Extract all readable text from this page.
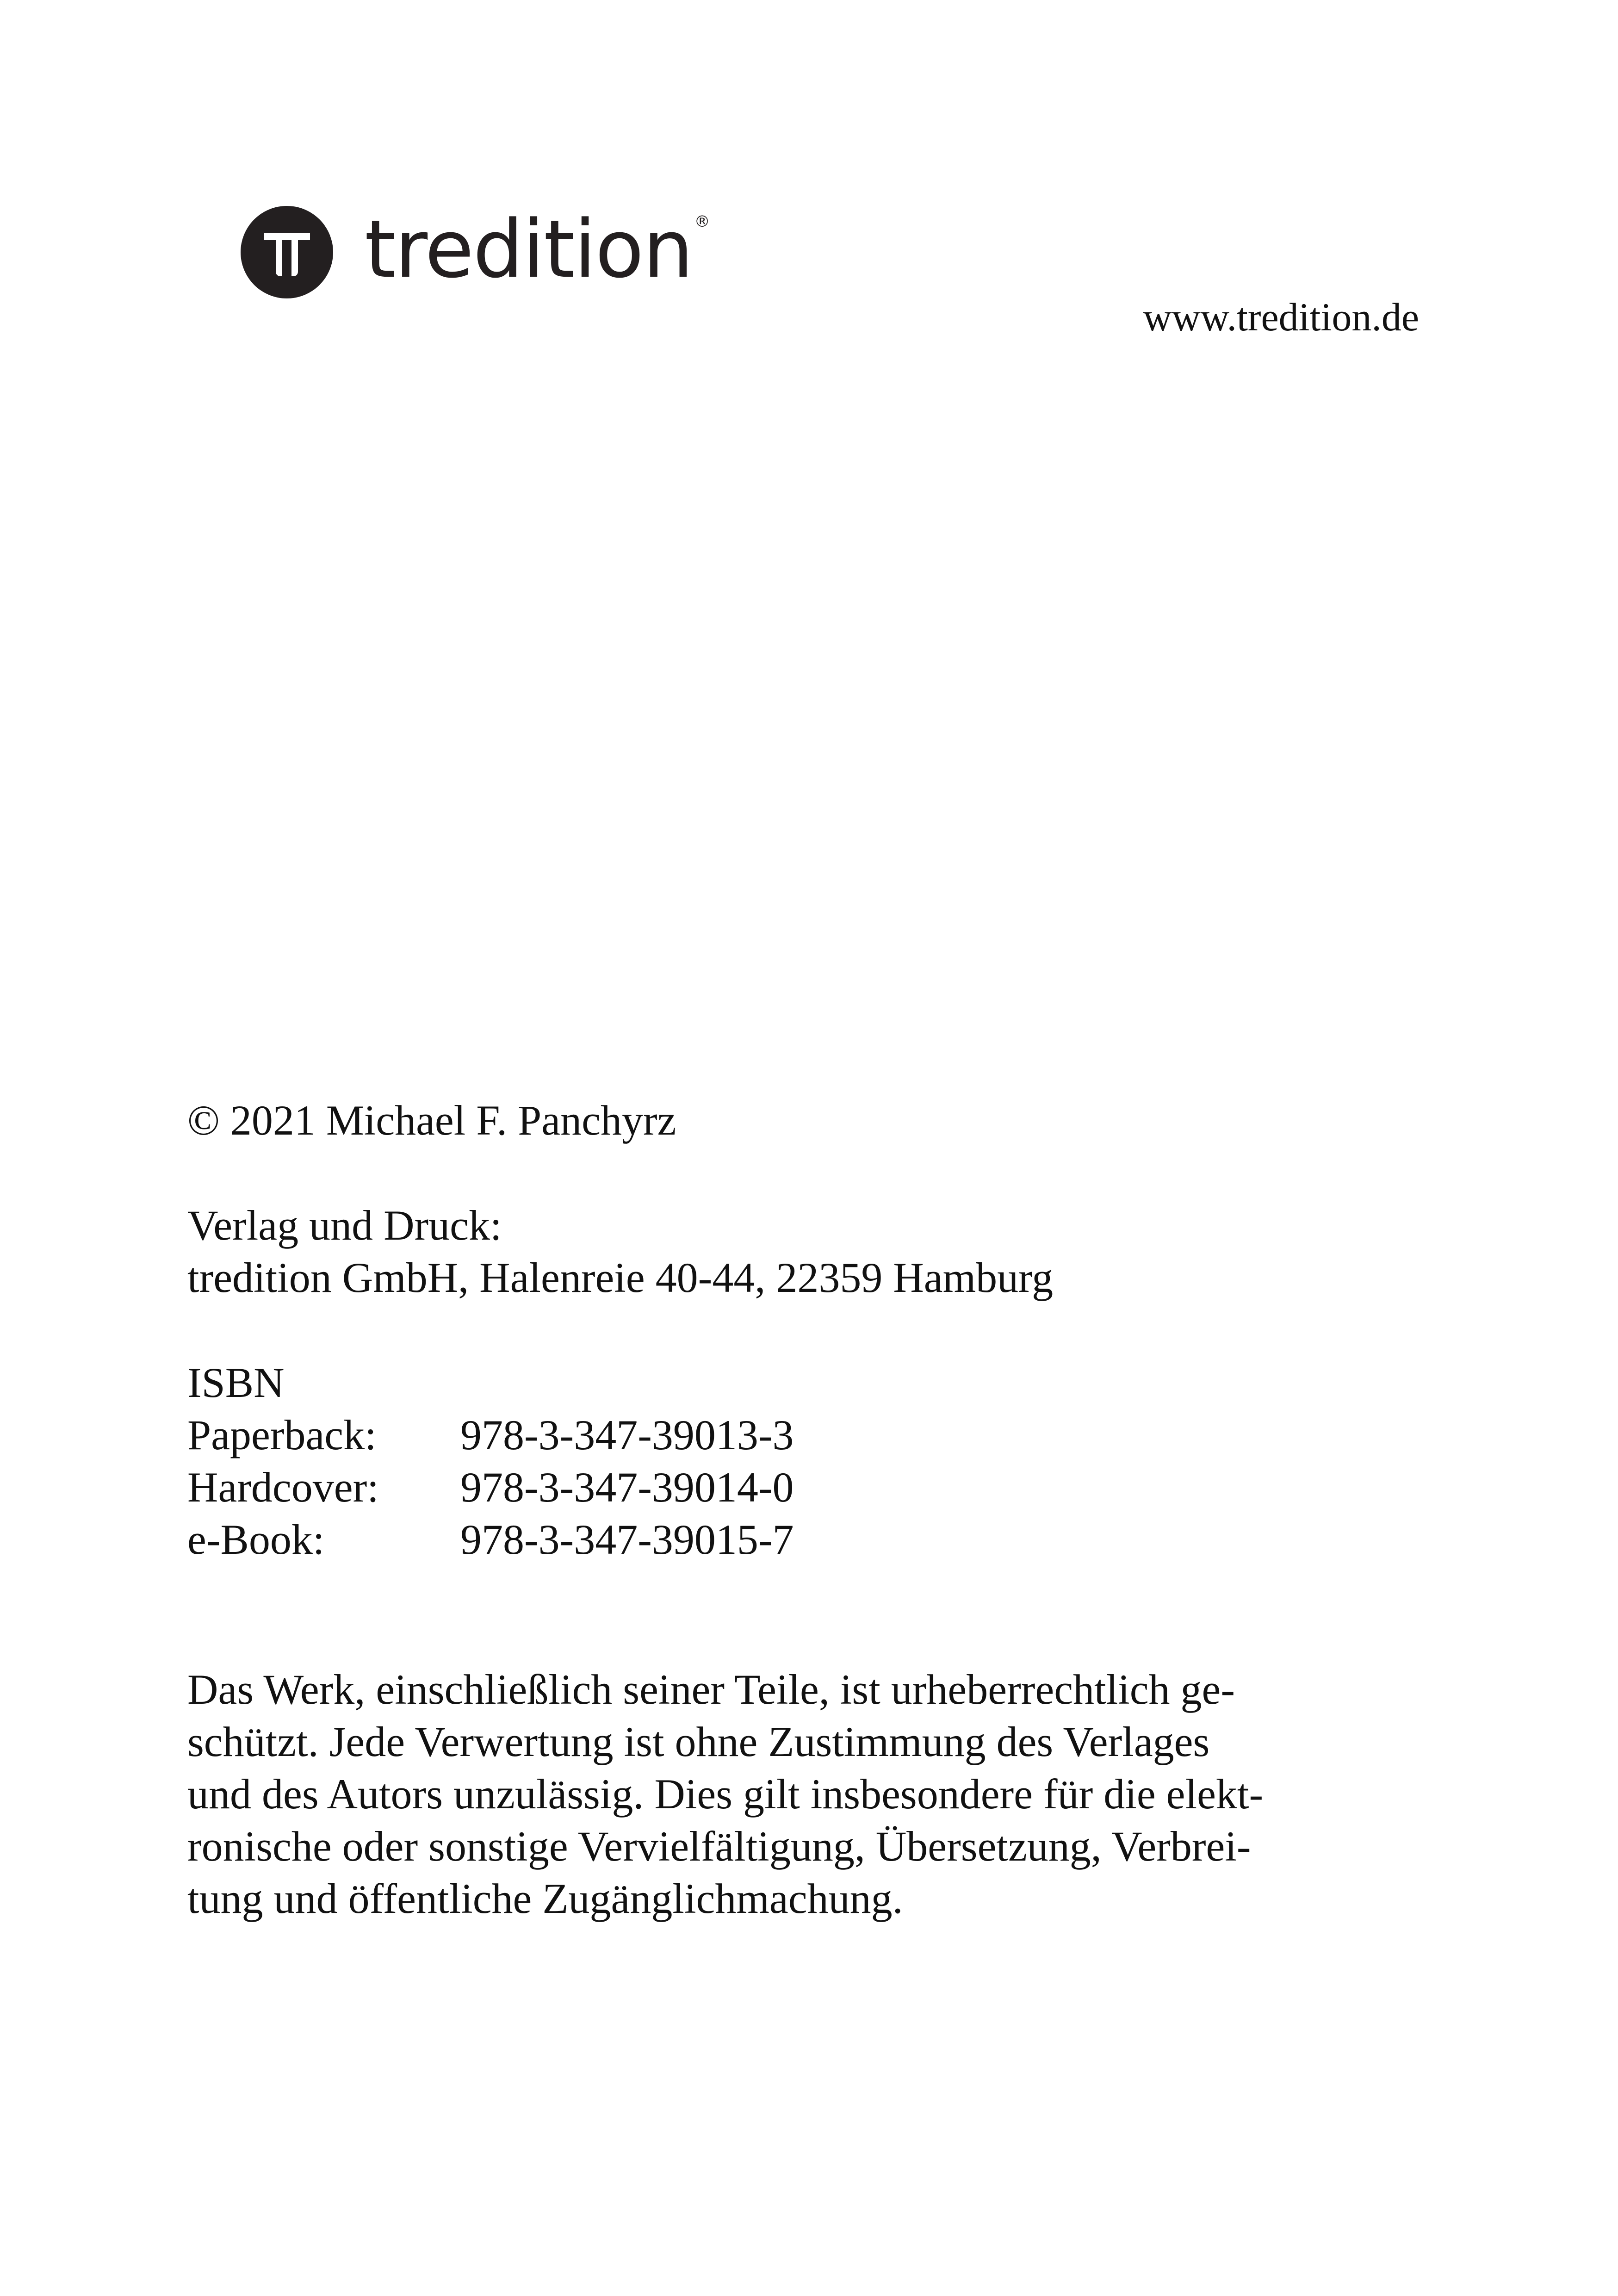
tredition ®
www.tredition.de
© 2021 Michael F. Panchyrz
Verlag und Druck:
tredition GmbH, Halenreie 40-44, 22359 Hamburg
ISBN
Paperback:	978-3-347-39013-3
Hardcover:	978-3-347-39014-0
e-Book:	978-3-347-39015-7
Das Werk, einschließlich seiner Teile, ist urheberrechtlich ge-
schützt. Jede Verwertung ist ohne Zustimmung des Verlages
und des Autors unzulässig. Dies gilt insbesondere für die elekt-
ronische oder sonstige Vervielfältigung, Übersetzung, Verbrei-
tung und öffentliche Zugänglichmachung.
